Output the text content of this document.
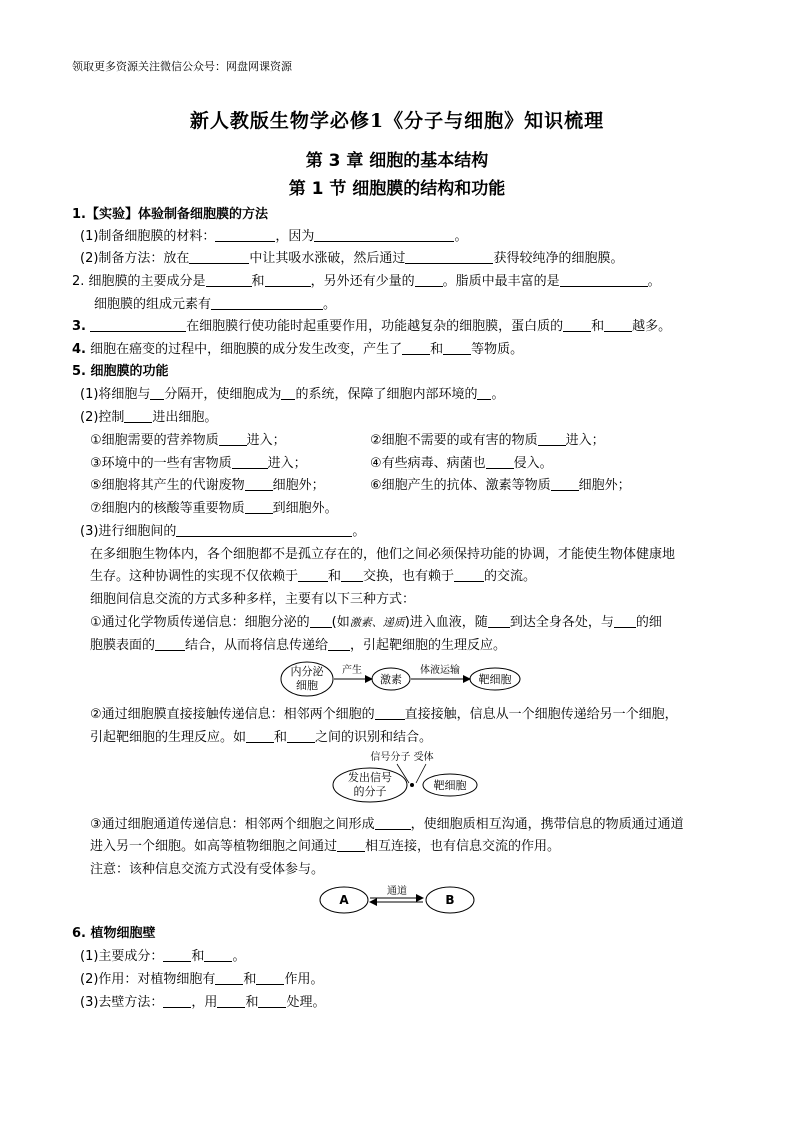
领取更多资源关注微信公众号：网盘网课资源
新人教版生物学必修1《分子与细胞》知识梳理
第 3 章 细胞的基本结构
第 1 节 细胞膜的结构和功能
1.【实验】体验制备细胞膜的方法
(1)制备细胞膜的材料：	，因为	。
(2)制备方法：放在	中让其吸水涨破，然后通过	获得较纯净的细胞膜。
2. 细胞膜的主要成分是	和	，另外还有少量的 。脂质中最丰富的是	。
细胞膜的组成元素有	。
3.	在细胞膜行使功能时起重要作用，功能越复杂的细胞膜，蛋白质的 和 越多。
4. 细胞在癌变的过程中，细胞膜的成分发生改变，产生了 和 等物质。
5. 细胞膜的功能
(1)将细胞与 分隔开，使细胞成为 的系统，保障了细胞内部环境的 。
(2)控制 进出细胞。
①细胞需要的营养物质 进入；	②细胞不需要的或有害的物质 进入；
③环境中的一些有害物质	进入；	④有些病毒、病菌也 侵入。
⑤细胞将其产生的代谢废物 细胞外；	⑥细胞产生的抗体、激素等物质 细胞外；
⑦细胞内的核酸等重要物质 到细胞外。
(3)进行细胞间的	。
在多细胞生物体内，各个细胞都不是孤立存在的，他们之间必须保持功能的协调，才能使生物体健康地
生存。这种协调性的实现不仅依赖于 和 交换，也有赖于 的交流。
细胞间信息交流的方式多种多样，主要有以下三种方式：
①通过化学物质传递信息：细胞分泌的 (如激素、递质)进入血液，随 到达全身各处，与 的细
胞膜表面的 结合，从而将信息传递给 ，引起靶细胞的生理反应。
内分泌
细胞
产生
激素
体液运输
靶细胞
②通过细胞膜直接接触传递信息：相邻两个细胞的 直接接触，信息从一个细胞传递给另一个细胞，
引起靶细胞的生理反应。如 和 之间的识别和结合。
信号分子 受体
发出信号
的分子	靶细胞
③通过细胞通道传递信息：相邻两个细胞之间形成	，使细胞质相互沟通，携带信息的物质通过通道
进入另一个细胞。如高等植物细胞之间通过 相互连接，也有信息交流的作用。
注意：该种信息交流方式没有受体参与。
A
通道
B
6. 植物细胞壁
(1)主要成分： 和 。
(2)作用：对植物细胞有 和 作用。
(3)去壁方法： ，用 和 处理。
